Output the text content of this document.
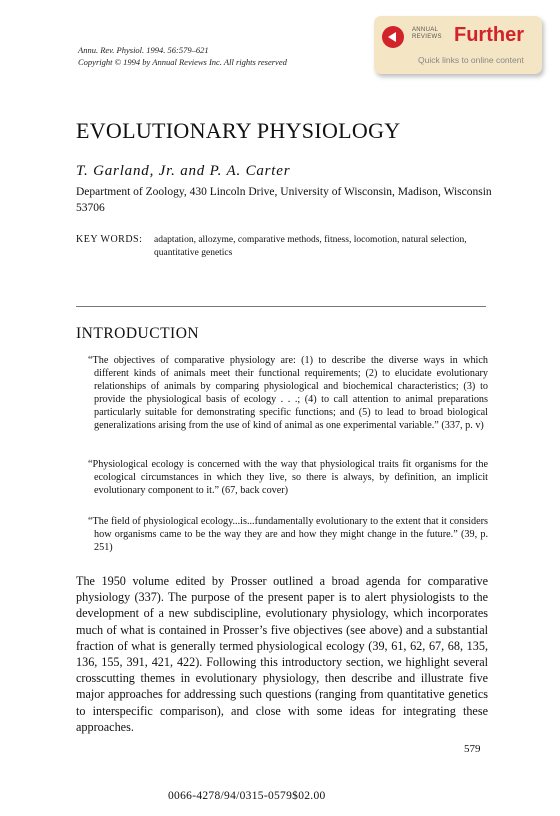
Annu. Rev. Physiol. 1994. 56:579–621
Copyright © 1994 by Annual Reviews Inc. All rights reserved
ANNUAL
REVIEWS Further
Quick links to online content
EVOLUTIONARY PHYSIOLOGY
T. Garland, Jr. and P. A. Carter
Department of Zoology, 430 Lincoln Drive, University of Wisconsin, Madison, Wisconsin 53706
KEY WORDS: adaptation, allozyme, comparative methods, fitness, locomotion, natural selection, quantitative genetics
INTRODUCTION

“The objectives of comparative physiology are: (1) to describe the diverse ways in which different kinds of animals meet their functional requirements; (2) to elucidate evolutionary relationships of animals by comparing physiological and biochemical characteristics; (3) to provide the physiological basis of ecology . . .; (4) to call attention to animal preparations particularly suitable for demonstrating specific functions; and (5) to lead to broad biological generalizations arising from the use of kind of animal as one experimental variable.” (337, p. v)

“Physiological ecology is concerned with the way that physiological traits fit organisms for the ecological circumstances in which they live, so there is always, by definition, an implicit evolutionary component to it.” (67, back cover)

“The field of physiological ecology...is...fundamentally evolutionary to the extent that it considers how organisms came to be the way they are and how they might change in the future.” (39, p. 251)

The 1950 volume edited by Prosser outlined a broad agenda for comparative physiology (337). The purpose of the present paper is to alert physiologists to the development of a new subdiscipline, evolutionary physiology, which incorporates much of what is contained in Prosser’s five objectives (see above) and a substantial fraction of what is generally termed physiological ecology (39, 61, 62, 67, 68, 135, 136, 155, 391, 421, 422). Following this introductory section, we highlight several crosscutting themes in evolutionary physiology, then describe and illustrate five major approaches for addressing such questions (ranging from quantitative genetics to interspecific comparison), and close with some ideas for integrating these approaches.
579
0066-4278/94/0315-0579$02.00
